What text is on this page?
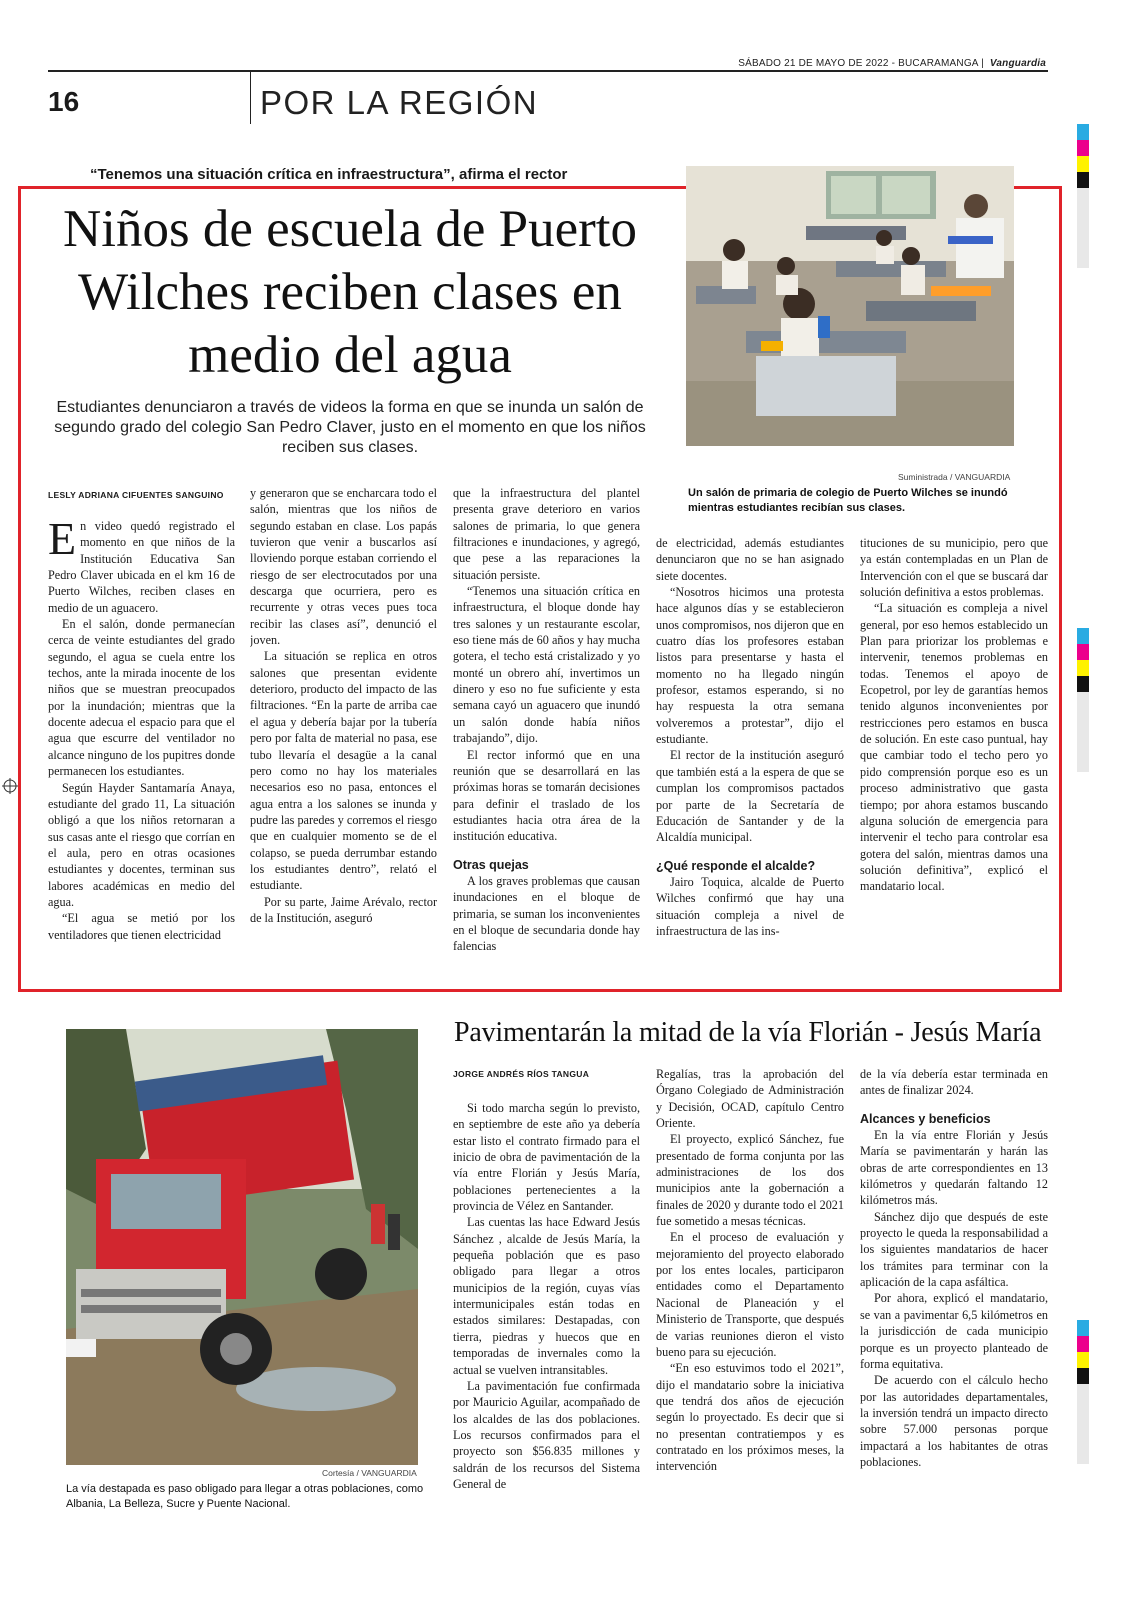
SÁBADO 21 DE MAYO DE 2022 - BUCARAMANGA | Vanguardia
16	POR LA REGIÓN
“Tenemos una situación crítica en infraestructura”, afirma el rector
Niños de escuela de Puerto Wilches reciben clases en medio del agua
Estudiantes denunciaron a través de videos la forma en que se inunda un salón de segundo grado del colegio San Pedro Claver, justo en el momento en que los niños reciben sus clases.
Suministrada / VANGUARDIA
Un salón de primaria de colegio de Puerto Wilches se inundó mientras estudiantes recibían sus clases.
LESLY ADRIANA CIFUENTES SANGUINO

En video quedó registrado el momento en que niños de la Institución Educativa San Pedro Claver ubicada en el km 16 de Puerto Wilches, reciben clases en medio de un aguacero.

En el salón, donde permanecían cerca de veinte estudiantes del grado segundo, el agua se cuela entre los techos, ante la mirada inocente de los niños que se muestran preocupados por la inundación; mientras que la docente adecua el espacio para que el agua que escurre del ventilador no alcance ninguno de los pupitres donde permanecen los estudiantes.

Según Hayder Santamaría Anaya, estudiante del grado 11, La situación obligó a que los niños retornaran a sus casas ante el riesgo que corrían en el aula, pero en otras ocasiones estudiantes y docentes, terminan sus labores académicas en medio del agua.

“El agua se metió por los ventiladores que tienen electricidad

y generaron que se encharcara todo el salón, mientras que los niños de segundo estaban en clase. Los papás tuvieron que venir a buscarlos así lloviendo porque estaban corriendo el riesgo de ser electrocutados por una descarga que ocurriera, pero es recurrente y otras veces pues toca recibir las clases así”, denunció el joven.

La situación se replica en otros salones que presentan evidente deterioro, producto del impacto de las filtraciones. “En la parte de arriba cae el agua y debería bajar por la tubería pero por falta de material no pasa, ese tubo llevaría el desagüe a la canal pero como no hay los materiales necesarios eso no pasa, entonces el agua entra a los salones se inunda y pudre las paredes y corremos el riesgo que en cualquier momento se de el colapso, se pueda derrumbar estando los estudiantes dentro”, relató el estudiante.

Por su parte, Jaime Arévalo, rector de la Institución, aseguró

que la infraestructura del plantel presenta grave deterioro en varios salones de primaria, lo que genera filtraciones e inundaciones, y agregó, que pese a las reparaciones la situación persiste.

“Tenemos una situación crítica en infraestructura, el bloque donde hay tres salones y un restaurante escolar, eso tiene más de 60 años y hay mucha gotera, el techo está cristalizado y yo monté un obrero ahí, invertimos un dinero y eso no fue suficiente y esta semana cayó un aguacero que inundó un salón donde había niños trabajando”, dijo.

El rector informó que en una reunión que se desarrollará en las próximas horas se tomarán decisiones para definir el traslado de los estudiantes hacia otra área de la institución educativa.

Otras quejas

A los graves problemas que causan inundaciones en el bloque de primaria, se suman los inconvenientes en el bloque de secundaria donde hay falencias

de electricidad, además estudiantes denunciaron que no se han asignado siete docentes.

“Nosotros hicimos una protesta hace algunos días y se establecieron unos compromisos, nos dijeron que en cuatro días los profesores estaban listos para presentarse y hasta el momento no ha llegado ningún profesor, estamos esperando, si no hay respuesta la otra semana volveremos a protestar”, dijo el estudiante.

El rector de la institución aseguró que también está a la espera de que se cumplan los compromisos pactados por parte de la Secretaría de Educación de Santander y de la Alcaldía municipal.

¿Qué responde el alcalde?

Jairo Toquica, alcalde de Puerto Wilches confirmó que hay una situación compleja a nivel de infraestructura de las ins-

tituciones de su municipio, pero que ya están contempladas en un Plan de Intervención con el que se buscará dar solución definitiva a estos problemas.

“La situación es compleja a nivel general, por eso hemos establecido un Plan para priorizar los problemas e intervenir, tenemos problemas en todas. Tenemos el apoyo de Ecopetrol, por ley de garantías hemos tenido algunos inconvenientes por restricciones pero estamos en busca de solución. En este caso puntual, hay que cambiar todo el techo pero yo pido comprensión porque eso es un proceso administrativo que gasta tiempo; por ahora estamos buscando alguna solución de emergencia para intervenir el techo para controlar esa gotera del salón, mientras damos una solución definitiva”, explicó el mandatario local.

Cortesía / VANGUARDIA
La vía destapada es paso obligado para llegar a otras poblaciones, como Albania, La Belleza, Sucre y Puente Nacional.
Pavimentarán la mitad de la vía Florián - Jesús María
JORGE ANDRÉS RÍOS TANGUA

Si todo marcha según lo previsto, en septiembre de este año ya debería estar listo el contrato firmado para el inicio de obra de pavimentación de la vía entre Florián y Jesús María, poblaciones pertenecientes a la provincia de Vélez en Santander.

Las cuentas las hace Edward Jesús Sánchez , alcalde de Jesús María, la pequeña población que es paso obligado para llegar a otros municipios de la región, cuyas vías intermunicipales están todas en estados similares: Destapadas, con tierra, piedras y huecos que en temporadas de invernales como la actual se vuelven intransitables.

La pavimentación fue confirmada por Mauricio Aguilar, acompañado de los alcaldes de las dos poblaciones. Los recursos confirmados para el proyecto son $56.835 millones y saldrán de los recursos del Sistema General de

Regalías, tras la aprobación del Órgano Colegiado de Administración y Decisión, OCAD, capítulo Centro Oriente.

El proyecto, explicó Sánchez, fue presentado de forma conjunta por las administraciones de los dos municipios ante la gobernación a finales de 2020 y durante todo el 2021 fue sometido a mesas técnicas.

En el proceso de evaluación y mejoramiento del proyecto elaborado por los entes locales, participaron entidades como el Departamento Nacional de Planeación y el Ministerio de Transporte, que después de varias reuniones dieron el visto bueno para su ejecución.

“En eso estuvimos todo el 2021”, dijo el mandatario sobre la iniciativa que tendrá dos años de ejecución según lo proyectado. Es decir que si no presentan contratiempos y es contratado en los próximos meses, la intervención

de la vía debería estar terminada en antes de finalizar 2024.

Alcances y beneficios

En la vía entre Florián y Jesús María se pavimentarán y harán las obras de arte correspondientes en 13 kilómetros y quedarán faltando 12 kilómetros más.

Sánchez dijo que después de este proyecto le queda la responsabilidad a los siguientes mandatarios de hacer los trámites para terminar con la aplicación de la capa asfáltica.

Por ahora, explicó el mandatario, se van a pavimentar 6,5 kilómetros en la jurisdicción de cada municipio porque es un proyecto planteado de forma equitativa.

De acuerdo con el cálculo hecho por las autoridades departamentales, la inversión tendrá un impacto directo sobre 57.000 personas porque impactará a los habitantes de otras poblaciones.
